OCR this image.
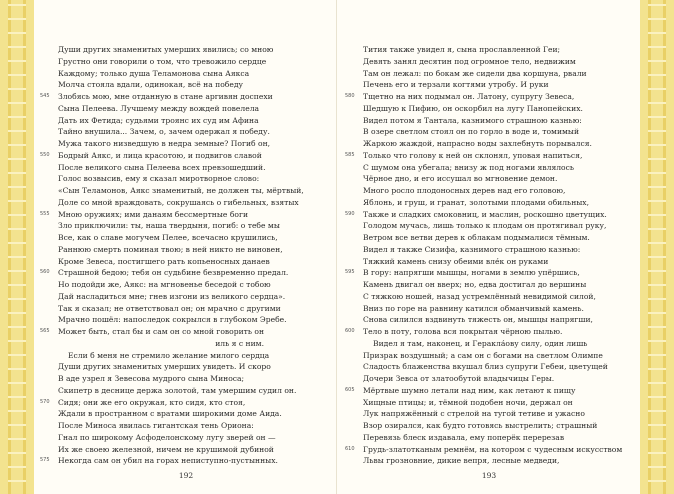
Души других знаменитых умерших явились; со мною
Грустно они говорили о том, что тревожило сердце
Каждому; только душа Теламонова сына Аякса
Молча стояла вдали, одинокая, всё на победу
Злобясь мою, мне отданную в стане аргивян доспехи
545
Сына Пелеева. Лучшему между вождей повелела
Дать их Фетида; судьями троянс их суд им Афина
Тайно внушила... Зачем, о, зачем одержал я победу.
Мужа такого низведшую в недра земные? Погиб он,
Бодрый Аякс, и лица красотою, и подвигов славой
550
После великого сына Пелеева всех превзошедший.
Голос возвысив, ему я сказал миротворное слово:
«Сын Теламонов, Аякс знаменитый, не должен ты, мёртвый,
Доле со мной враждовать, сокрушаясь о гибельных, взятых
Мною оружиях; ими данаям бессмертные боги
555
Зло приключили: ты, наша твердыня, погиб: о тебе мы
Все, как о славе могучем Пелее, всечасно крушились,
Раннюю смерть поминая твою; в ней никто не виновен,
Кроме Зевеса, постигшего рать копьеносных данаев
Страшной бедою; тебя он судьбине безвременно предал.
560
Но подойди же, Аякс: на мгновенье беседой с тобою
Дай насладиться мне; гнев изгони из великого сердца».
Так я сказал; не ответствовал он; он мрачно с другими
Мрачно пошёл: напоследок сокрылся в глубоком Эребе.
Может быть, стал бы и сам он со мной говорить он
565
иль я с ним.
Если б меня не стремило желание милого сердца
Души других знаменитых умерших увидеть. И скоро
В аде узрел я Зевесова мудрого сына Миноса;
Скипетр в деснице держа золотой, там умершим судил он.
Сидя; они же его окружая, кто сидя, кто стоя,
570
Ждали в пространном с вратами широкими доме Аида.
После Миноса явилась гигантская тень Ориона:
Гнал по широкому Асфоделонскому лугу зверей он —
Их же своею железной, ничем не крушимой дубиной
Некогда сам он убил на горах непиступно-пустынных.
575
192
Тития также увидел я, сына прославленной Геи;
Девять занял десятин под огромное тело, недвижим
Там он лежал: по бокам же сидели два коршуна, рвали
Печень его и терзали когтями утробу. И руки
Тщетно на них подымал он. Латону, супругу Зевеса,
580
Шедшую к Пифию, он оскорбил на лугу Панопейских.
Видел потом я Тантала, казнимого страшною казнью:
В озере светлом стоял он по горло в воде и, томимый
Жаркою жаждой, напрасно воды захлебнуть порывался.
Только что голову к ней он склонял, уповая напиться,
585
С шумом она убегала; внизу ж под ногами являлось
Чёрное дно, и его иссушал во мгновение демон.
Много росло плодоносных дерев над его головою,
Яблонь, и груш, и гранат, золотыми плодами обильных,
Также и сладких смоковниц, и маслин, роскошно цветущих.
590
Голодом мучась, лишь только к плодам он протягивал руку,
Ветром все ветви дерев к облакам подымалися тёмным.
Видел я также Сизифа, казнимого страшною казнью:
Тяжкий камень снизу обеими вле́к он руками
В гору: напрягши мышцы, ногами в землю упёршись,
595
Камень двигал он вверх; но, едва достигал до вершины
С тяжкою ношей, назад устремлённый невидимой силой,
Вниз по горе на равнину катился обманчивый камень.
Снова силился вздвинуть тяжесть он, мышцы напрягши,
Тело в поту, голова вся покрытая чёрною пылью.
600
Видел я там, наконец, и Геракла́ову силу, один лишь
Призрак воздушный; а сам он с богами на светлом Олимпе
Сладость блаженства вкушал близ супруги Гебеи, цветущей
Дочери Зевса от златообутой владычицы Геры.
Мёртвые шумно летали над ним, как летают к пищу
605
Хищные птицы; и, тёмной подобен ночи, держал он
Лук напряжённый с стрелой на тугой тетиве и ужасно
Взор озирался, как будто готовясь выстрелить; страшный
Перевязь блеск издавала, ему поперёк перерезав
Грудь-златотканым ремнём, на котором с чудесным искусством
610
Львы грозновние, дикие вепря, лесные медведи,
193
